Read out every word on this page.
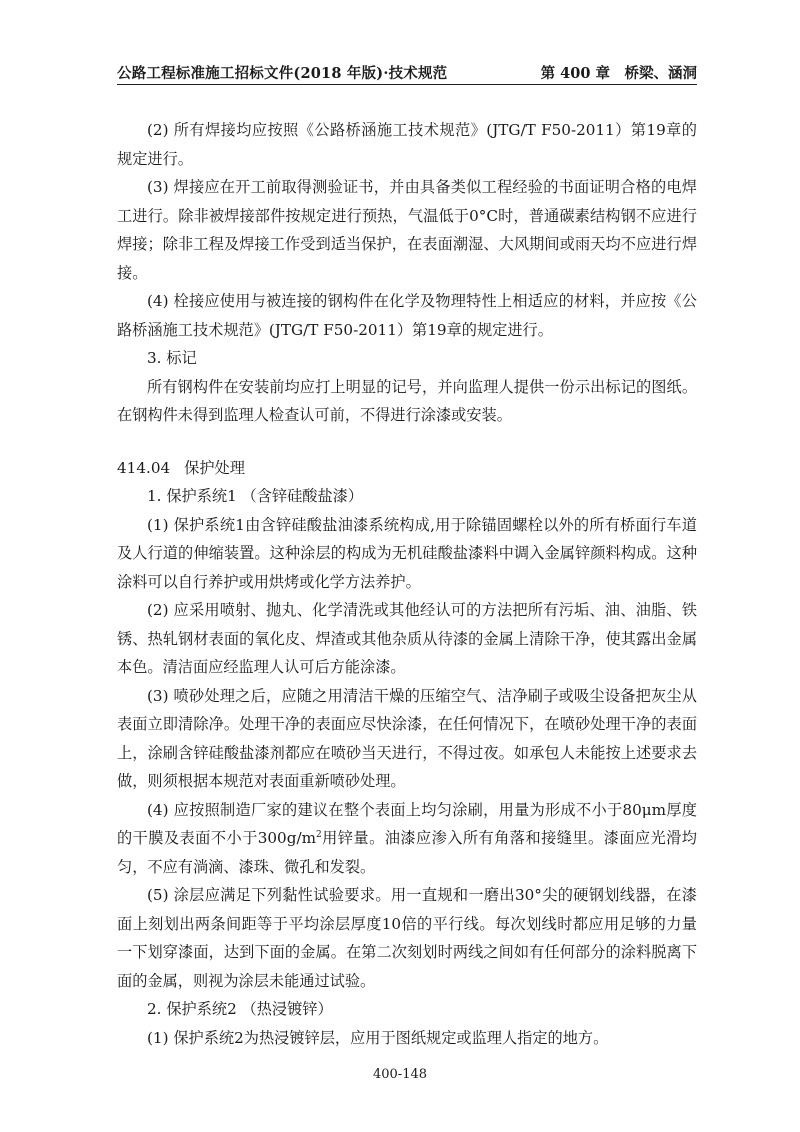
公路工程标准施工招标文件(2018 年版)·技术规范	第 400 章　桥梁、涵洞

(2) 所有焊接均应按照《公路桥涵施工技术规范》(JTG/T F50-2011）第19章的规定进行。

(3) 焊接应在开工前取得测验证书，并由具备类似工程经验的书面证明合格的电焊工进行。除非被焊接部件按规定进行预热，气温低于0°C时，普通碳素结构钢不应进行焊接；除非工程及焊接工作受到适当保护，在表面潮湿、大风期间或雨天均不应进行焊接。

(4) 栓接应使用与被连接的钢构件在化学及物理特性上相适应的材料，并应按《公路桥涵施工技术规范》(JTG/T F50-2011）第19章的规定进行。

3. 标记

所有钢构件在安装前均应打上明显的记号，并向监理人提供一份示出标记的图纸。在钢构件未得到监理人检查认可前，不得进行涂漆或安装。

414.04 保护处理

1. 保护系统1 （含锌硅酸盐漆）

(1) 保护系统1由含锌硅酸盐油漆系统构成,用于除锚固螺栓以外的所有桥面行车道及人行道的伸缩装置。这种涂层的构成为无机硅酸盐漆料中调入金属锌颜料构成。这种涂料可以自行养护或用烘烤或化学方法养护。

(2) 应采用喷射、抛丸、化学清洗或其他经认可的方法把所有污垢、油、油脂、铁锈、热轧钢材表面的氧化皮、焊渣或其他杂质从待漆的金属上清除干净，使其露出金属本色。清洁面应经监理人认可后方能涂漆。

(3) 喷砂处理之后，应随之用清洁干燥的压缩空气、洁净刷子或吸尘设备把灰尘从表面立即清除净。处理干净的表面应尽快涂漆，在任何情况下，在喷砂处理干净的表面上，涂刷含锌硅酸盐漆剂都应在喷砂当天进行，不得过夜。如承包人未能按上述要求去做，则须根据本规范对表面重新喷砂处理。

(4) 应按照制造厂家的建议在整个表面上均匀涂刷，用量为形成不小于80μm厚度的干膜及表面不小于$300g/m^2$用锌量。油漆应渗入所有角落和接缝里。漆面应光滑均匀，不应有淌滴、漆珠、微孔和发裂。

(5) 涂层应满足下列黏性试验要求。用一直规和一磨出30°尖的硬钢划线器，在漆面上刻划出两条间距等于平均涂层厚度10倍的平行线。每次划线时都应用足够的力量一下划穿漆面，达到下面的金属。在第二次刻划时两线之间如有任何部分的涂料脱离下面的金属，则视为涂层未能通过试验。

2. 保护系统2 （热浸镀锌）

(1) 保护系统2为热浸镀锌层，应用于图纸规定或监理人指定的地方。

400-148
